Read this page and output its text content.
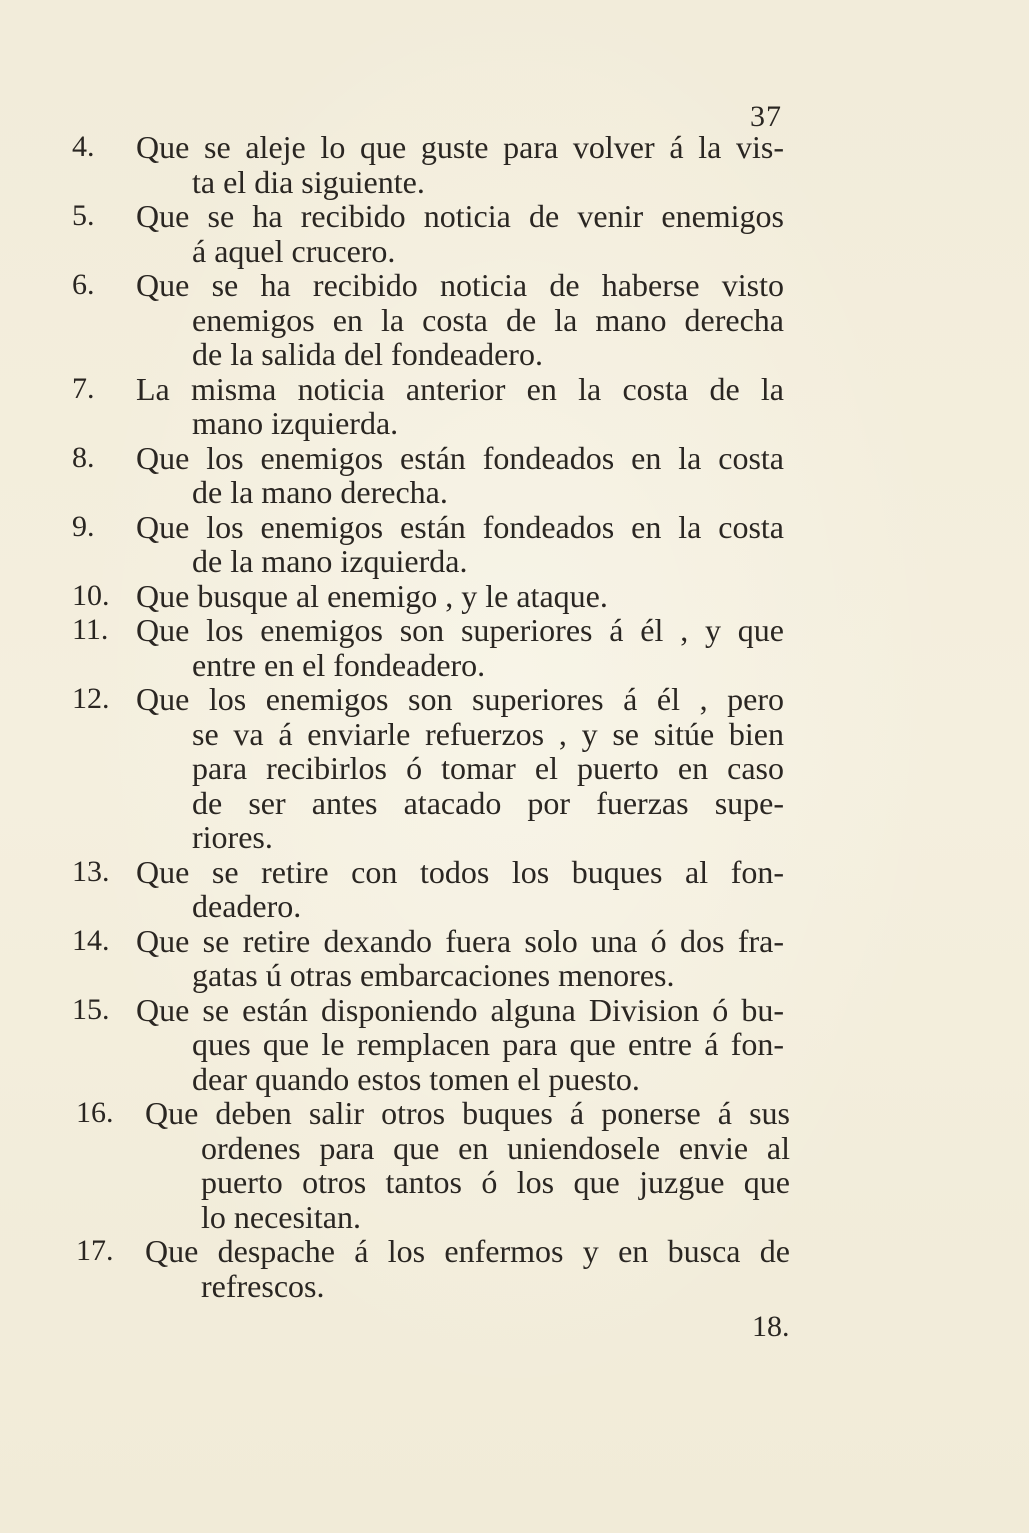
37
4.	Que se aleje lo que guste para volver á la vis-
ta el dia siguiente.
5.	Que se ha recibido noticia de venir enemigos
á aquel crucero.
6.	Que se ha recibido noticia de haberse visto
enemigos en la costa de la mano derecha
de la salida del fondeadero.
7.	La misma noticia anterior en la costa de la
mano izquierda.
8.	Que los enemigos están fondeados en la costa
de la mano derecha.
9.	Que los enemigos están fondeados en la costa
de la mano izquierda.
10. Que busque al enemigo , y le ataque.
11. Que los enemigos son superiores á él , y que
entre en el fondeadero.
12. Que los enemigos son superiores á él , pero
se va á enviarle refuerzos , y se sitúe bien
para recibirlos ó tomar el puerto en caso
de ser antes atacado por fuerzas supe-
riores.
13. Que se retire con todos los buques al fon-
deadero.
14. Que se retire dexando fuera solo una ó dos fra-
gatas ú otras embarcaciones menores.
15. Que se están disponiendo alguna Division ó bu-
ques que le remplacen para que entre á fon-
dear quando estos tomen el puesto.
16. Que deben salir otros buques á ponerse á sus
ordenes para que en uniendosele envie al
puerto otros tantos ó los que juzgue que
lo necesitan.
17. Que despache á los enfermos y en busca de
refrescos.
18.
